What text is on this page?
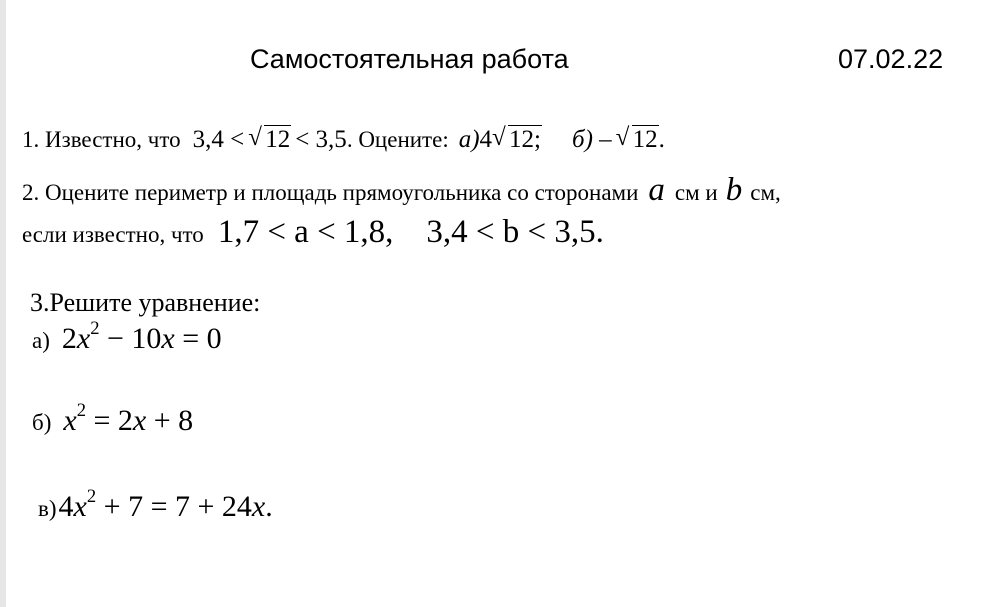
Самостоятельная работа	07.02.22
1. Известно, что 3,4 < √ 12 < 3,5. Оцените: а)4 √ 12; б) – √ 12.
2. Оцените периметр и площадь прямоугольника со сторонами a см и b см,
если известно, что 1,7 < a < 1,8,    3,4 < b < 3,5.
3.Решите уравнение:
а) $2x^2 - 10x = 0$
б) $x^2 = 2x + 8$
$в)4x^2 + 7 = 7 + 24x$.
